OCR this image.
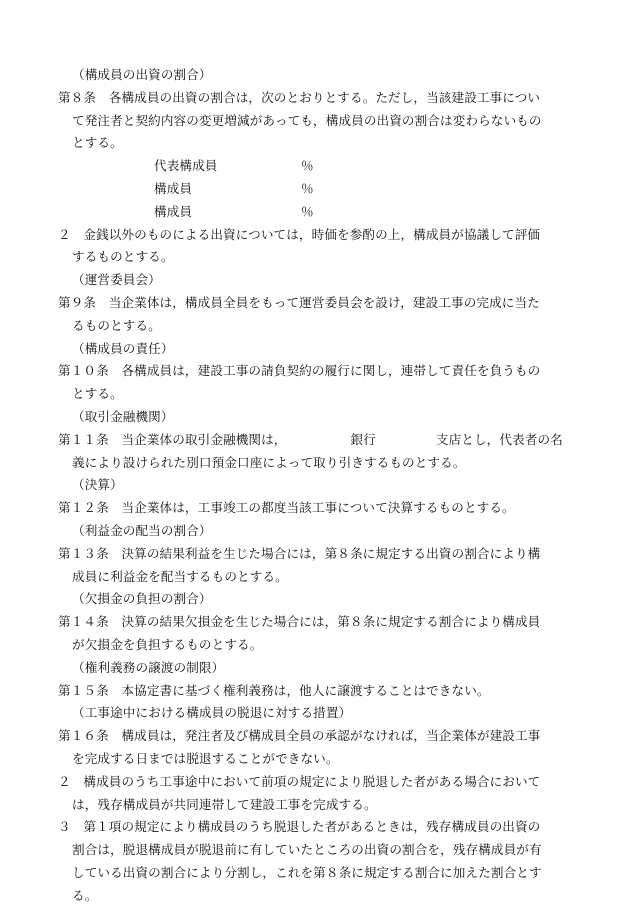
（構成員の出資の割合）
第８条　各構成員の出資の割合は，次のとおりとする。ただし，当該建設工事につい
て発注者と契約内容の変更増減があっても，構成員の出資の割合は変わらないもの
とする。
代表構成員	％
構成員	％
構成員	％
２　金銭以外のものによる出資については，時価を参酌の上，構成員が協議して評価
するものとする。
（運営委員会）
第９条　当企業体は，構成員全員をもって運営委員会を設け，建設工事の完成に当た
るものとする。
（構成員の責任）
第１０条　各構成員は，建設工事の請負契約の履行に関し，連帯して責任を負うもの
とする。
（取引金融機関）
第１１条　当企業体の取引金融機関は，	銀行	支店とし，代表者の名
義により設けられた別口預金口座によって取り引きするものとする。
（決算）
第１２条　当企業体は，工事竣工の都度当該工事について決算するものとする。
（利益金の配当の割合）
第１３条　決算の結果利益を生じた場合には，第８条に規定する出資の割合により構
成員に利益金を配当するものとする。
（欠損金の負担の割合）
第１４条　決算の結果欠損金を生じた場合には，第８条に規定する割合により構成員
が欠損金を負担するものとする。
（権利義務の譲渡の制限）
第１５条　本協定書に基づく権利義務は，他人に譲渡することはできない。
（工事途中における構成員の脱退に対する措置）
第１６条　構成員は，発注者及び構成員全員の承認がなければ，当企業体が建設工事
を完成する日までは脱退することができない。
２　構成員のうち工事途中において前項の規定により脱退した者がある場合において
は，残存構成員が共同連帯して建設工事を完成する。
３　第１項の規定により構成員のうち脱退した者があるときは，残存構成員の出資の
割合は，脱退構成員が脱退前に有していたところの出資の割合を，残存構成員が有
している出資の割合により分割し，これを第８条に規定する割合に加えた割合とす
る。
